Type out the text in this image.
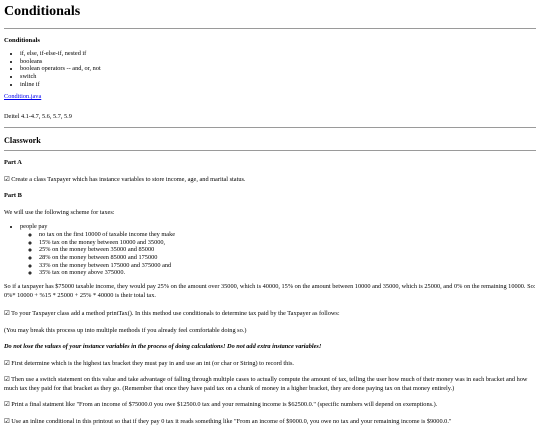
Conditionals
Conditionals
• if, else, if-else-if, nested if
• booleans
• boolean operators -- and, or, not
• switch
• inline if
Condition.java
Deitel 4.1-4.7, 5.6, 5.7, 5.9
Classwork
Part A

☑ Create a class Taxpayer which has instance variables to store income, age, and marital status.

Part B

We will use the following scheme for taxes:

• people pay
◦ no tax on the first 10000 of taxable income they make
◦ 15% tax on the money between 10000 and 35000,
◦ 25% on the money between 35000 and 85000
◦ 28% on the money between 85000 and 175000
◦ 33% on the money between 175000 and 375000 and
◦ 35% tax on money above 375000.

So if a taxpayer has $75000 taxable income, they would pay 25% on the amount over 35000, which is 40000, 15% on the amount between 10000 and 35000, which is 25000, and 0% on the remaining 10000. So: 0%* 10000 + %15 * 25000 + 25% * 40000 is their total tax.

☑ To your Taxpayer class add a method printTax(). In this method use conditionals to determine tax paid by the Taxpayer as follows:

(You may break this process up into multiple methods if you already feel comfortable doing so.)

Do not lose the values of your instance variables in the process of doing calculations! Do not add extra instance variables!

☑ First determine which is the highest tax bracket they must pay in and use an int (or char or String) to record this.

☑ Then use a switch statement on this value and take advantage of falling through multiple cases to actually compute the amount of tax, telling the user how much of their money was in each bracket and how much tax they paid for that bracket as they go. (Remember that once they have paid tax on a chunk of money in a higher bracket, they are done paying tax on that money entirely.)

☑ Print a final statment like "From an income of $75000.0 you owe $12500.0 tax and your remaining income is $62500.0." (specific numbers will depend on exemptions.).

☑ Use an inline conditional in this printout so that if they pay 0 tax it reads something like "From an income of $9000.0, you owe no tax and your remaining income is $9000.0."
